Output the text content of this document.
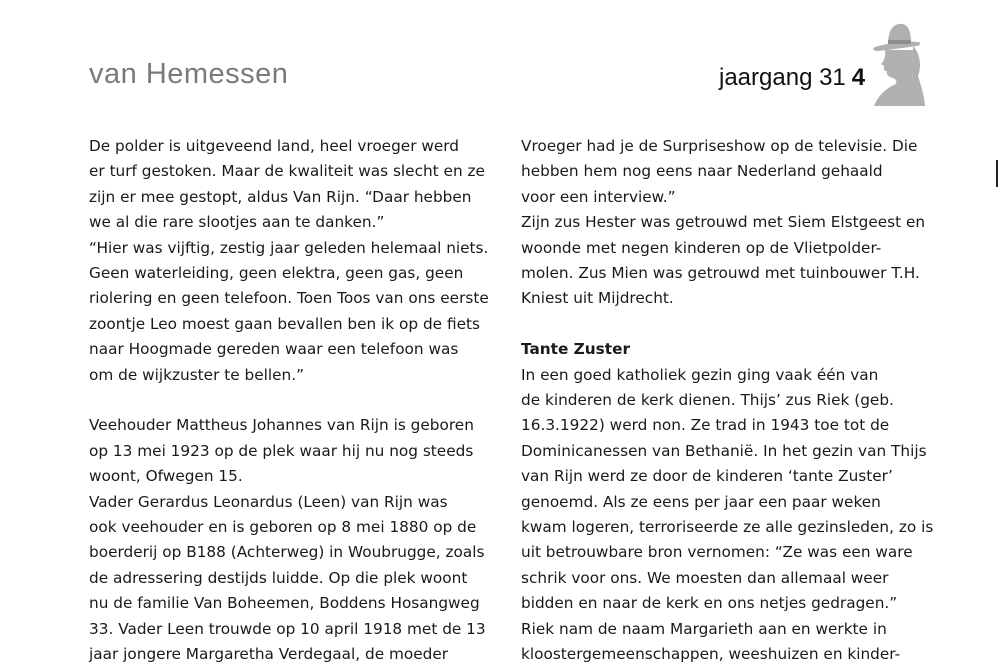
van Hemessen	jaargang 31 4

De polder is uitgeveend land, heel vroeger werd

er turf gestoken. Maar de kwaliteit was slecht en ze

zijn er mee gestopt, aldus Van Rijn. “Daar hebben

we al die rare slootjes aan te danken.”

“Hier was vijftig, zestig jaar geleden helemaal niets.

Geen waterleiding, geen elektra, geen gas, geen

riolering en geen telefoon. Toen Toos van ons eerste

zoontje Leo moest gaan bevallen ben ik op de fiets

naar Hoogmade gereden waar een telefoon was

om de wijkzuster te bellen.”

Veehouder Mattheus Johannes van Rijn is geboren

op 13 mei 1923 op de plek waar hij nu nog steeds

woont, Ofwegen 15.

Vader Gerardus Leonardus (Leen) van Rijn was

ook veehouder en is geboren op 8 mei 1880 op de

boerderij op B188 (Achterweg) in Woubrugge, zoals

de adressering destijds luidde. Op die plek woont

nu de familie Van Boheemen, Boddens Hosangweg

33. Vader Leen trouwde op 10 april 1918 met de 13

jaar jongere Margaretha Verdegaal, de moeder

Vroeger had je de Surpriseshow op de televisie. Die

hebben hem nog eens naar Nederland gehaald

voor een interview.”

Zijn zus Hester was getrouwd met Siem Elstgeest en

woonde met negen kinderen op de Vlietpolder-

molen. Zus Mien was getrouwd met tuinbouwer T.H.

Kniest uit Mijdrecht.

Tante Zuster

In een goed katholiek gezin ging vaak één van

de kinderen de kerk dienen. Thijs’ zus Riek (geb.

16.3.1922) werd non. Ze trad in 1943 toe tot de

Dominicanessen van Bethanië. In het gezin van Thijs

van Rijn werd ze door de kinderen ‘tante Zuster’

genoemd. Als ze eens per jaar een paar weken

kwam logeren, terroriseerde ze alle gezinsleden, zo is

uit betrouwbare bron vernomen: “Ze was een ware

schrik voor ons. We moesten dan allemaal weer

bidden en naar de kerk en ons netjes gedragen.”

Riek nam de naam Margarieth aan en werkte in

kloostergemeenschappen, weeshuizen en kinder-
